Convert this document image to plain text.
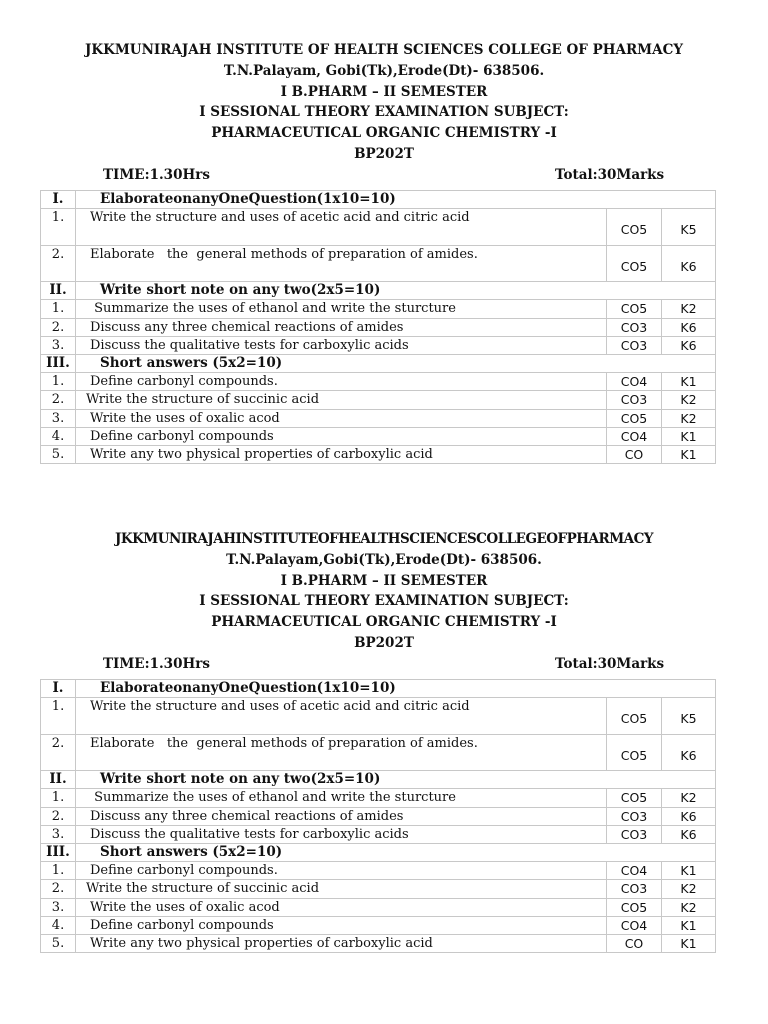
JKKMUNIRAJAH INSTITUTE OF HEALTH SCIENCES COLLEGE OF PHARMACY
T.N.Palayam, Gobi(Tk),Erode(Dt)- 638506.
I B.PHARM – II SEMESTER
I SESSIONAL THEORY EXAMINATION SUBJECT:
PHARMACEUTICAL ORGANIC CHEMISTRY -I
BP202T
TIME:1.30Hrs	Total:30Marks
I.	ElaborateonanyOneQuestion(1x10=10)		
1.	Write the structure and uses of acetic acid and citric acid	CO5	K5
2.	Elaborate   the  general methods of preparation of amides.	CO5	K6
II.	Write short note on any two(2x5=10)		
1.	Summarize the uses of ethanol and write the sturcture	CO5	K2
2.	Discuss any three chemical reactions of amides	CO3	K6
3.	Discuss the qualitative tests for carboxylic acids	CO3	K6
III.	Short answers (5x2=10)		
1.	Define carbonyl compounds.	CO4	K1
2.	Write the structure of succinic acid	CO3	K2
3.	Write the uses of oxalic acod	CO5	K2
4.	Define carbonyl compounds	CO4	K1
5.	Write any two physical properties of carboxylic acid	CO	K1
JKKMUNIRAJAHINSTITUTEOFHEALTHSCIENCESCOLLEGEOFPHARMACY
T.N.Palayam,Gobi(Tk),Erode(Dt)- 638506.
I B.PHARM – II SEMESTER
I SESSIONAL THEORY EXAMINATION SUBJECT:
PHARMACEUTICAL ORGANIC CHEMISTRY -I
BP202T
TIME:1.30Hrs	Total:30Marks
I.	ElaborateonanyOneQuestion(1x10=10)		
1.	Write the structure and uses of acetic acid and citric acid	CO5	K5
2.	Elaborate   the  general methods of preparation of amides.	CO5	K6
II.	Write short note on any two(2x5=10)		
1.	Summarize the uses of ethanol and write the sturcture	CO5	K2
2.	Discuss any three chemical reactions of amides	CO3	K6
3.	Discuss the qualitative tests for carboxylic acids	CO3	K6
III.	Short answers (5x2=10)		
1.	Define carbonyl compounds.	CO4	K1
2.	Write the structure of succinic acid	CO3	K2
3.	Write the uses of oxalic acod	CO5	K2
4.	Define carbonyl compounds	CO4	K1
5.	Write any two physical properties of carboxylic acid	CO	K1
